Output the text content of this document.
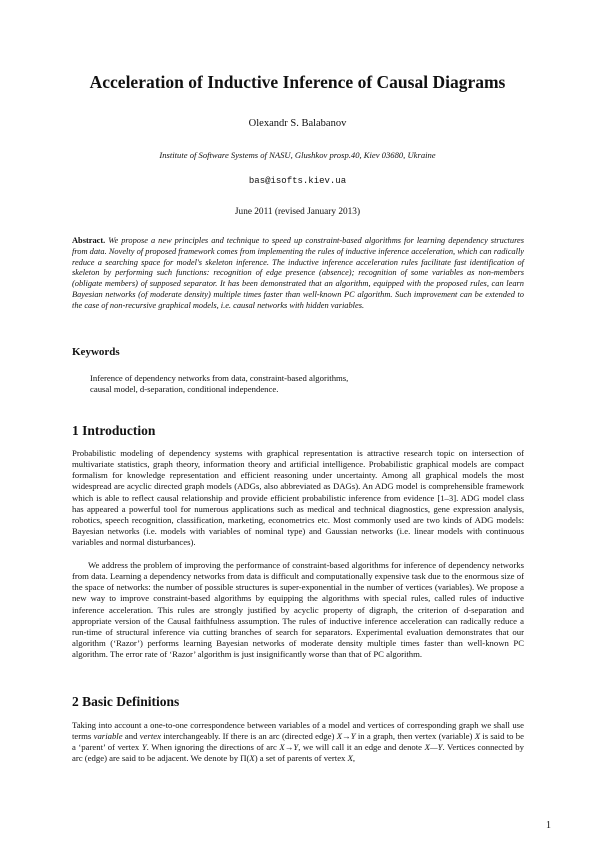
Acceleration of Inductive Inference of Causal Diagrams
Olexandr S. Balabanov
Institute of Software Systems of NASU, Glushkov prosp.40, Kiev 03680, Ukraine
bas@isofts.kiev.ua
June 2011 (revised January 2013)
Abstract. We propose a new principles and technique to speed up constraint-based algorithms for learning dependency structures from data. Novelty of proposed framework comes from implementing the rules of inductive inference acceleration, which can radically reduce a searching space for model's skeleton inference. The inductive inference acceleration rules facilitate fast identification of skeleton by performing such functions: recognition of edge presence (absence); recognition of some variables as non-members (obligate members) of supposed separator. It has been demonstrated that an algorithm, equipped with the proposed rules, can learn Bayesian networks (of moderate density) multiple times faster than well-known PC algorithm. Such improvement can be extended to the case of non-recursive graphical models, i.e. causal networks with hidden variables.
Keywords
Inference of dependency networks from data, constraint-based algorithms,
causal model, d-separation, conditional independence.
1 Introduction
Probabilistic modeling of dependency systems with graphical representation is attractive research topic on intersection of multivariate statistics, graph theory, information theory and artificial intelligence. Probabilistic graphical models are compact formalism for knowledge representation and efficient reasoning under uncertainty. Among all graphical models the most widespread are acyclic directed graph models (ADGs, also abbreviated as DAGs). An ADG model is comprehensible framework which is able to reflect causal relationship and provide efficient probabilistic inference from evidence [1–3]. ADG model class has appeared a powerful tool for numerous applications such as medical and technical diagnostics, gene expression analysis, robotics, speech recognition, classification, marketing, econometrics etc. Most commonly used are two kinds of ADG models: Bayesian networks (i.e. models with variables of nominal type) and Gaussian networks (i.e. linear models with continuous variables and normal disturbances).
We address the problem of improving the performance of constraint-based algorithms for inference of dependency networks from data. Learning a dependency networks from data is difficult and computationally expensive task due to the enormous size of the space of networks: the number of possible structures is super-exponential in the number of vertices (variables). We propose a new way to improve constraint-based algorithms by equipping the algorithms with special rules, called rules of inductive inference acceleration. This rules are strongly justified by acyclic property of digraph, the criterion of d-separation and appropriate version of the Causal faithfulness assumption. The rules of inductive inference acceleration can radically reduce a run-time of structural inference via cutting branches of search for separators. Experimental evaluation demonstrates that our algorithm (‘Razor’) performs learning Bayesian networks of moderate density multiple times faster than well-known PC algorithm. The error rate of ‘Razor’ algorithm is just insignificantly worse than that of PC algorithm.
2 Basic Definitions
Taking into account a one-to-one correspondence between variables of a model and vertices of corresponding graph we shall use terms variable and vertex interchangeably. If there is an arc (directed edge) X→Y in a graph, then vertex (variable) X is said to be a ‘parent’ of vertex Y. When ignoring the directions of arc X→Y, we will call it an edge and denote X—Y. Vertices connected by arc (edge) are said to be adjacent. We denote by Π(X) a set of parents of vertex X,
1
